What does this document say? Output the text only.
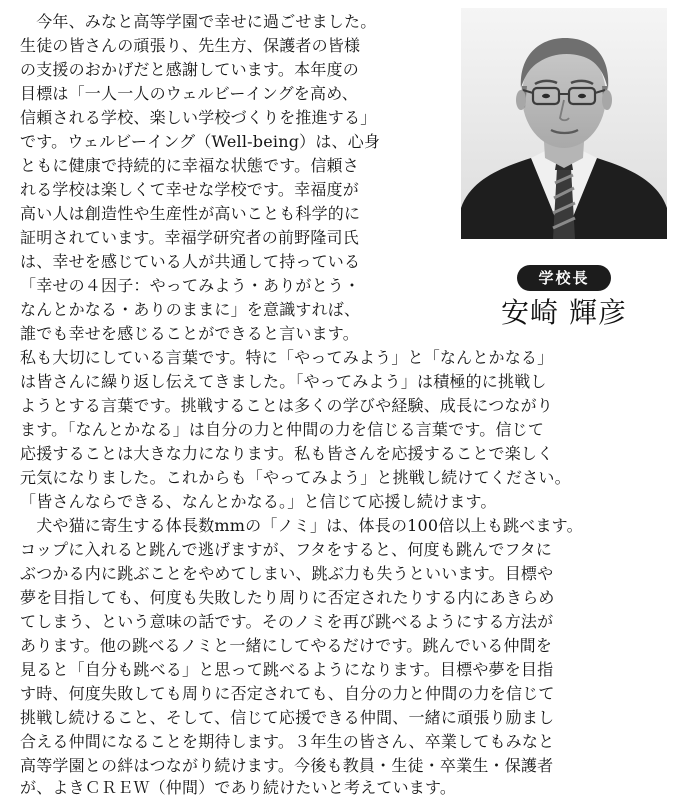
学校長
安崎 輝彦
　今年、みなと高等学園で幸せに過ごせました。
生徒の皆さんの頑張り、先生方、保護者の皆様
の支援のおかげだと感謝しています。本年度の
目標は「一人一人のウェルビーイングを高め、
信頼される学校、楽しい学校づくりを推進する」
です。ウェルビーイング（Well-being）は、心身
ともに健康で持続的に幸福な状態です。信頼さ
れる学校は楽しくて幸せな学校です。幸福度が
高い人は創造性や生産性が高いことも科学的に
証明されています。幸福学研究者の前野隆司氏
は、幸せを感じている人が共通して持っている
「幸せの４因子：やってみよう・ありがとう・
なんとかなる・ありのままに」を意識すれば、
誰でも幸せを感じることができると言います。
私も大切にしている言葉です。特に「やってみよう」と「なんとかなる」
は皆さんに繰り返し伝えてきました。「やってみよう」は積極的に挑戦し
ようとする言葉です。挑戦することは多くの学びや経験、成長につながり
ます。「なんとかなる」は自分の力と仲間の力を信じる言葉です。信じて
応援することは大きな力になります。私も皆さんを応援することで楽しく
元気になりました。これからも「やってみよう」と挑戦し続けてください。
「皆さんならできる、なんとかなる。」と信じて応援し続けます。
　犬や猫に寄生する体長数mmの「ノミ」は、体長の100倍以上も跳べます。
コップに入れると跳んで逃げますが、フタをすると、何度も跳んでフタに
ぶつかる内に跳ぶことをやめてしまい、跳ぶ力も失うといいます。目標や
夢を目指しても、何度も失敗したり周りに否定されたりする内にあきらめ
てしまう、という意味の話です。そのノミを再び跳べるようにする方法が
あります。他の跳べるノミと一緒にしてやるだけです。跳んでいる仲間を
見ると「自分も跳べる」と思って跳べるようになります。目標や夢を目指
す時、何度失敗しても周りに否定されても、自分の力と仲間の力を信じて
挑戦し続けること、そして、信じて応援できる仲間、一緒に頑張り励まし
合える仲間になることを期待します。３年生の皆さん、卒業してもみなと
高等学園との絆はつながり続けます。今後も教員・生徒・卒業生・保護者
が、よきＣＲＥＷ（仲間）であり続けたいと考えています。
